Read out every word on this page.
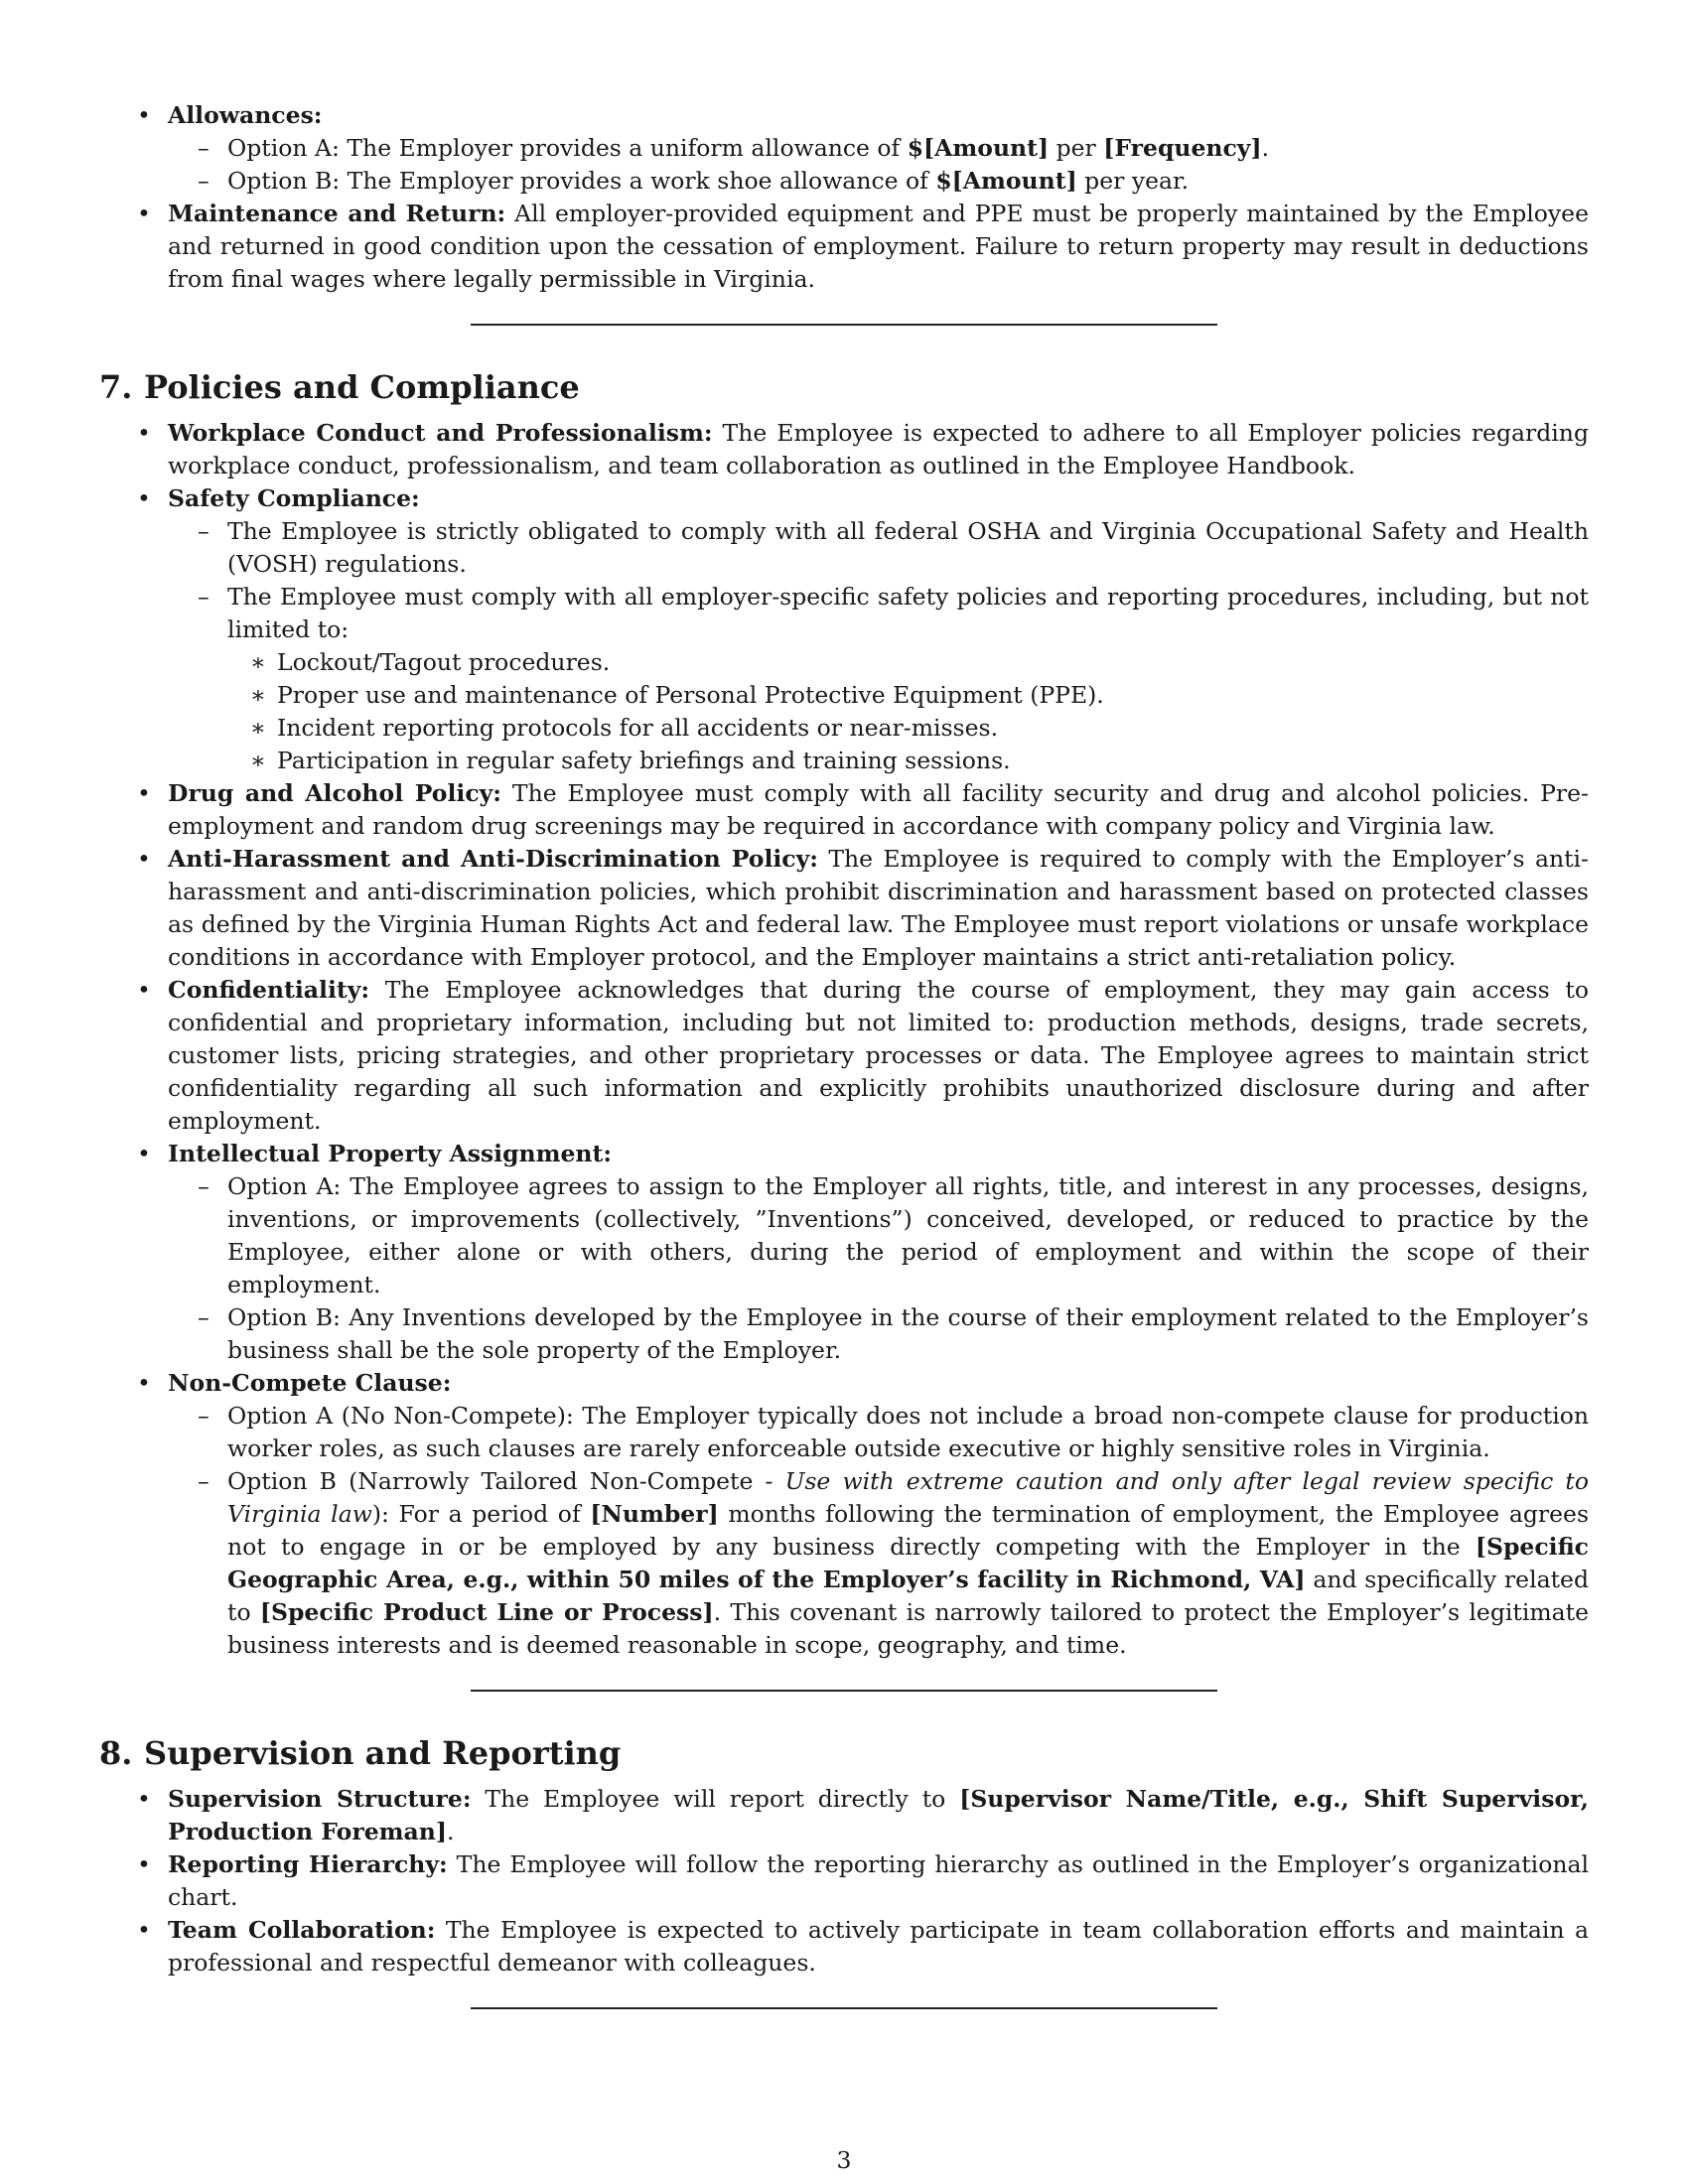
• Allowances:
– Option A: The Employer provides a uniform allowance of $[Amount] per [Frequency].
– Option B: The Employer provides a work shoe allowance of $[Amount] per year.
• Maintenance and Return: All employer-provided equipment and PPE must be properly maintained by the Employee and returned in good condition upon the cessation of employment. Failure to return property may result in deductions from final wages where legally permissible in Virginia.
7. Policies and Compliance
• Workplace Conduct and Professionalism: The Employee is expected to adhere to all Employer policies regarding workplace conduct, professionalism, and team collaboration as outlined in the Employee Handbook.
• Safety Compliance:
– The Employee is strictly obligated to comply with all federal OSHA and Virginia Occupational Safety and Health (VOSH) regulations.
– The Employee must comply with all employer-specific safety policies and reporting procedures, including, but not limited to:
∗ Lockout/Tagout procedures.
∗ Proper use and maintenance of Personal Protective Equipment (PPE).
∗ Incident reporting protocols for all accidents or near-misses.
∗ Participation in regular safety briefings and training sessions.
• Drug and Alcohol Policy: The Employee must comply with all facility security and drug and alcohol policies. Pre-employment and random drug screenings may be required in accordance with company policy and Virginia law.
• Anti-Harassment and Anti-Discrimination Policy: The Employee is required to comply with the Employer’s anti-harassment and anti-discrimination policies, which prohibit discrimination and harassment based on protected classes as defined by the Virginia Human Rights Act and federal law. The Employee must report violations or unsafe workplace conditions in accordance with Employer protocol, and the Employer maintains a strict anti-retaliation policy.
• Confidentiality: The Employee acknowledges that during the course of employment, they may gain access to confidential and proprietary information, including but not limited to: production methods, designs, trade secrets, customer lists, pricing strategies, and other proprietary processes or data. The Employee agrees to maintain strict confidentiality regarding all such information and explicitly prohibits unauthorized disclosure during and after employment.
• Intellectual Property Assignment:
– Option A: The Employee agrees to assign to the Employer all rights, title, and interest in any processes, designs, inventions, or improvements (collectively, ”Inventions”) conceived, developed, or reduced to practice by the Employee, either alone or with others, during the period of employment and within the scope of their employment.
– Option B: Any Inventions developed by the Employee in the course of their employment related to the Employer’s business shall be the sole property of the Employer.
• Non-Compete Clause:
– Option A (No Non-Compete): The Employer typically does not include a broad non-compete clause for production worker roles, as such clauses are rarely enforceable outside executive or highly sensitive roles in Virginia.
– Option B (Narrowly Tailored Non-Compete - Use with extreme caution and only after legal review specific to Virginia law): For a period of [Number] months following the termination of employment, the Employee agrees not to engage in or be employed by any business directly competing with the Employer in the [Specific Geographic Area, e.g., within 50 miles of the Employer’s facility in Richmond, VA] and specifically related to [Specific Product Line or Process]. This covenant is narrowly tailored to protect the Employer’s legitimate business interests and is deemed reasonable in scope, geography, and time.
8. Supervision and Reporting
• Supervision Structure: The Employee will report directly to [Supervisor Name/Title, e.g., Shift Supervisor, Production Foreman].
• Reporting Hierarchy: The Employee will follow the reporting hierarchy as outlined in the Employer’s organizational chart.
• Team Collaboration: The Employee is expected to actively participate in team collaboration efforts and maintain a professional and respectful demeanor with colleagues.
3
